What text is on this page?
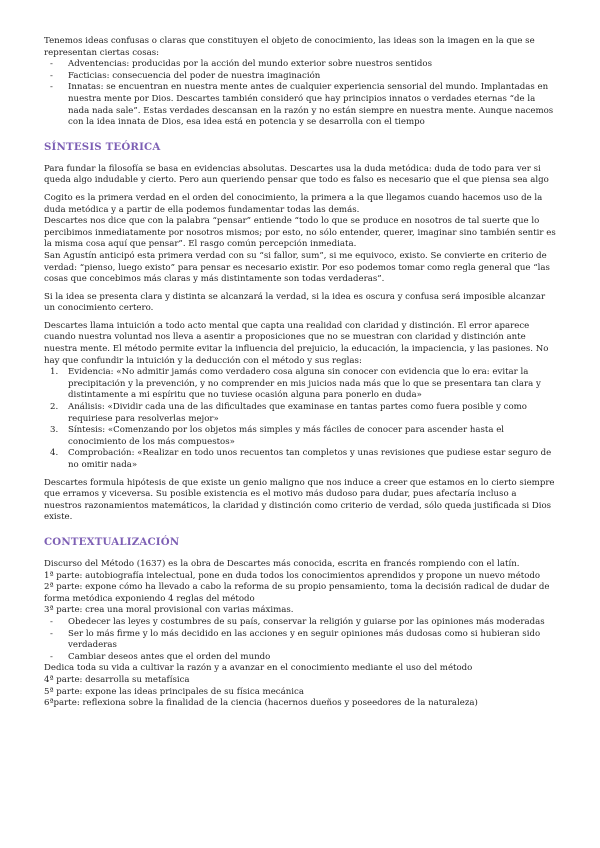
Tenemos ideas confusas o claras que constituyen el objeto de conocimiento, las ideas son la imagen en la que se representan ciertas cosas:

- Adventencias: producidas por la acción del mundo exterior sobre nuestros sentidos
- Facticias: consecuencia del poder de nuestra imaginación
- Innatas: se encuentran en nuestra mente antes de cualquier experiencia sensorial del mundo. Implantadas en nuestra mente por Dios. Descartes también consideró que hay principios innatos o verdades eternas “de la nada nada sale”. Estas verdades descansan en la razón y no están siempre en nuestra mente. Aunque nacemos con la idea innata de Dios, esa idea está en potencia y se desarrolla con el tiempo
SÍNTESIS TEÓRICA

Para fundar la filosofía se basa en evidencias absolutas. Descartes usa la duda metódica: duda de todo para ver si queda algo indudable y cierto. Pero aun queriendo pensar que todo es falso es necesario que el que piensa sea algo

Cogito es la primera verdad en el orden del conocimiento, la primera a la que llegamos cuando hacemos uso de la duda metódica y a partir de ella podemos fundamentar todas las demás.

Descartes nos dice que con la palabra “pensar” entiende “todo lo que se produce en nosotros de tal suerte que lo percibimos inmediatamente por nosotros mismos; por esto, no sólo entender, querer, imaginar sino también sentir es la misma cosa aquí que pensar”. El rasgo común percepción inmediata.

San Agustín anticipó esta primera verdad con su “si fallor, sum”, si me equivoco, existo. Se convierte en criterio de verdad: “pienso, luego existo” para pensar es necesario existir. Por eso podemos tomar como regla general que “las cosas que concebimos más claras y más distintamente son todas verdaderas”.

Si la idea se presenta clara y distinta se alcanzará la verdad, si la idea es oscura y confusa será imposible alcanzar un conocimiento certero.

Descartes llama intuición a todo acto mental que capta una realidad con claridad y distinción. El error aparece cuando nuestra voluntad nos lleva a asentir a proposiciones que no se muestran con claridad y distinción ante nuestra mente. El método permite evitar la influencia del prejuicio, la educación, la impaciencia, y las pasiones. No hay que confundir la intuición y la deducción con el método y sus reglas:

1. Evidencia: «No admitir jamás como verdadero cosa alguna sin conocer con evidencia que lo era: evitar la precipitación y la prevención, y no comprender en mis juicios nada más que lo que se presentara tan clara y distintamente a mi espíritu que no tuviese ocasión alguna para ponerlo en duda»
2. Análisis: «Dividir cada una de las dificultades que examinase en tantas partes como fuera posible y como requiriese para resolverlas mejor»
3. Síntesis: «Comenzando por los objetos más simples y más fáciles de conocer para ascender hasta el conocimiento de los más compuestos»
4. Comprobación: «Realizar en todo unos recuentos tan completos y unas revisiones que pudiese estar seguro de no omitir nada»

Descartes formula hipótesis de que existe un genio maligno que nos induce a creer que estamos en lo cierto siempre que erramos y viceversa. Su posible existencia es el motivo más dudoso para dudar, pues afectaría incluso a nuestros razonamientos matemáticos, la claridad y distinción como criterio de verdad, sólo queda justificada si Dios existe.

CONTEXTUALIZACIÓN
Discurso del Método (1637) es la obra de Descartes más conocida, escrita en francés rompiendo con el latín.
1ª parte: autobiografía intelectual, pone en duda todos los conocimientos aprendidos y propone un nuevo método
2ª parte: expone cómo ha llevado a cabo la reforma de su propio pensamiento, toma la decisión radical de dudar de forma metódica exponiendo 4 reglas del método
3ª parte: crea una moral provisional con varias máximas.
- Obedecer las leyes y costumbres de su país, conservar la religión y guiarse por las opiniones más moderadas
- Ser lo más firme y lo más decidido en las acciones y en seguir opiniones más dudosas como si hubieran sido verdaderas
- Cambiar deseos antes que el orden del mundo
Dedica toda su vida a cultivar la razón y a avanzar en el conocimiento mediante el uso del método
4ª parte: desarrolla su metafísica
5ª parte: expone las ideas principales de su física mecánica
6ªparte: reflexiona sobre la finalidad de la ciencia (hacernos dueños y poseedores de la naturaleza)
